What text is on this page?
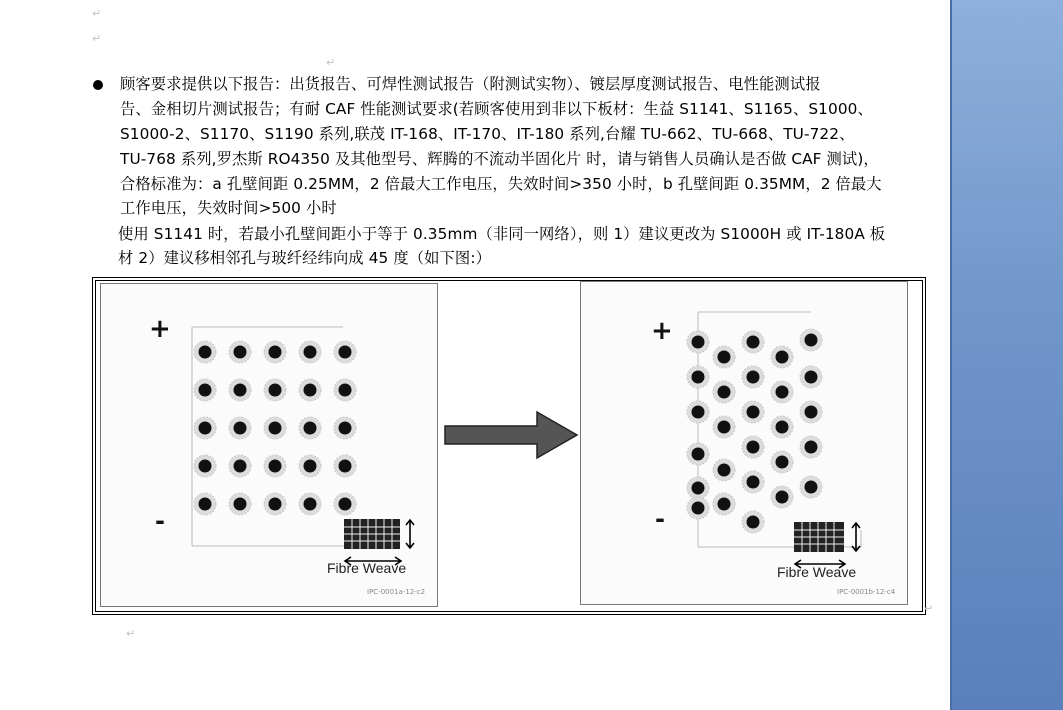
↵
↵
↵
顾客要求提供以下报告：出货报告、可焊性测试报告（附测试实物）、镀层厚度测试报告、电性能测试报
告、金相切片测试报告；有耐 CAF 性能测试要求(若顾客使用到非以下板材：生益 S1141、S1165、S1000、
S1000-2、S1170、S1190 系列,联茂 IT-168、IT-170、IT-180 系列,台耀 TU-662、TU-668、TU-722、
TU-768 系列,罗杰斯 RO4350 及其他型号、辉腾的不流动半固化片 时，请与销售人员确认是否做 CAF 测试)，
合格标准为：a 孔壁间距 0.25MM，2 倍最大工作电压，失效时间>350 小时，b 孔壁间距 0.35MM，2 倍最大
工作电压，失效时间>500 小时
使用 S1141 时，若最小孔壁间距小于等于 0.35mm（非同一网络），则 1）建议更改为 S1000H 或 IT-180A 板
材 2）建议移相邻孔与玻纤经纬向成 45 度（如下图:）
+
-
Fibre Weave
IPC-0001a-12-c2
+
-
Fibre Weave
IPC-0001b-12-c4
↵
↵
